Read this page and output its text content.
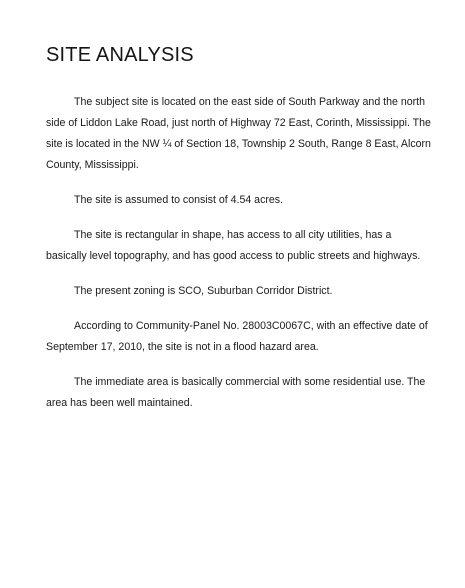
SITE ANALYSIS

The subject site is located on the east side of South Parkway and the north side of Liddon Lake Road, just north of Highway 72 East, Corinth, Mississippi. The site is located in the NW ¼ of Section 18, Township 2 South, Range 8 East, Alcorn County, Mississippi.

The site is assumed to consist of 4.54 acres.

The site is rectangular in shape, has access to all city utilities, has a basically level topography, and has good access to public streets and highways.

The present zoning is SCO, Suburban Corridor District.

According to Community-Panel No. 28003C0067C, with an effective date of September 17, 2010, the site is not in a flood hazard area.

The immediate area is basically commercial with some residential use. The area has been well maintained.
